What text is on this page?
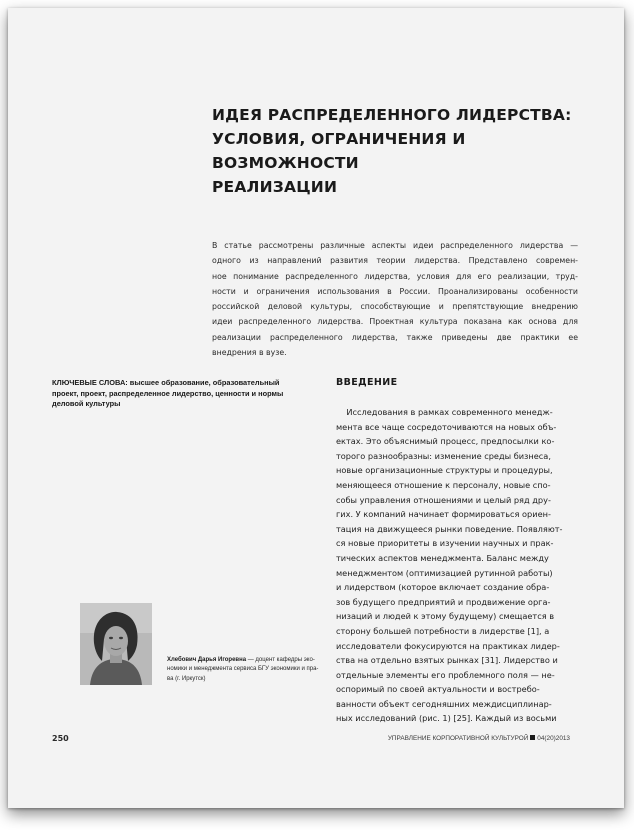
ИДЕЯ РАСПРЕДЕЛЕННОГО ЛИДЕРСТВА:
УСЛОВИЯ, ОГРАНИЧЕНИЯ И ВОЗМОЖНОСТИ
РЕАЛИЗАЦИИ
В статье рассмотрены различные аспекты идеи распределенного лидерства —
одного из направлений развития теории лидерства. Представлено современ-
ное понимание распределенного лидерства, условия для его реализации, труд-
ности и ограничения использования в России. Проанализированы особенности
российской деловой культуры, способствующие и препятствующие внедрению
идеи распределенного лидерства. Проектная культура показана как основа для
реализации распределенного лидерства, также приведены две практики ее
внедрения в вузе.
КЛЮЧЕВЫЕ СЛОВА: высшее образование, образовательный
проект, проект, распределенное лидерство, ценности и нормы
деловой культуры
ВВЕДЕНИЕ
Исследования в рамках современного менедж-
мента все чаще сосредоточиваются на новых объ-
ектах. Это объяснимый процесс, предпосылки ко-
торого разнообразны: изменение среды бизнеса,
новые организационные структуры и процедуры,
меняющееся отношение к персоналу, новые спо-
собы управления отношениями и целый ряд дру-
гих. У компаний начинает формироваться ориен-
тация на движущееся рынки поведение. Появляют-
ся новые приоритеты в изучении научных и прак-
тических аспектов менеджмента. Баланс между
менеджментом (оптимизацией рутинной работы)
и лидерством (которое включает создание обра-
зов будущего предприятий и продвижение орга-
низаций и людей к этому будущему) смещается в
сторону большей потребности в лидерстве [1], а
исследователи фокусируются на практиках лидер-
ства на отдельно взятых рынках [31]. Лидерство и
отдельные элементы его проблемного поля — не-
оспоримый по своей актуальности и востребо-
ванности объект сегодняшних междисциплинар-
ных исследований (рис. 1) [25]. Каждый из восьми
Хлебович Дарья Игоревна — доцент кафедры эко-
номики и менеджмента сервиса БГУ экономики и пра-
ва (г. Иркутск)
250	УПРАВЛЕНИЕ КОРПОРАТИВНОЙ КУЛЬТУРОЙ 04(20)2013
